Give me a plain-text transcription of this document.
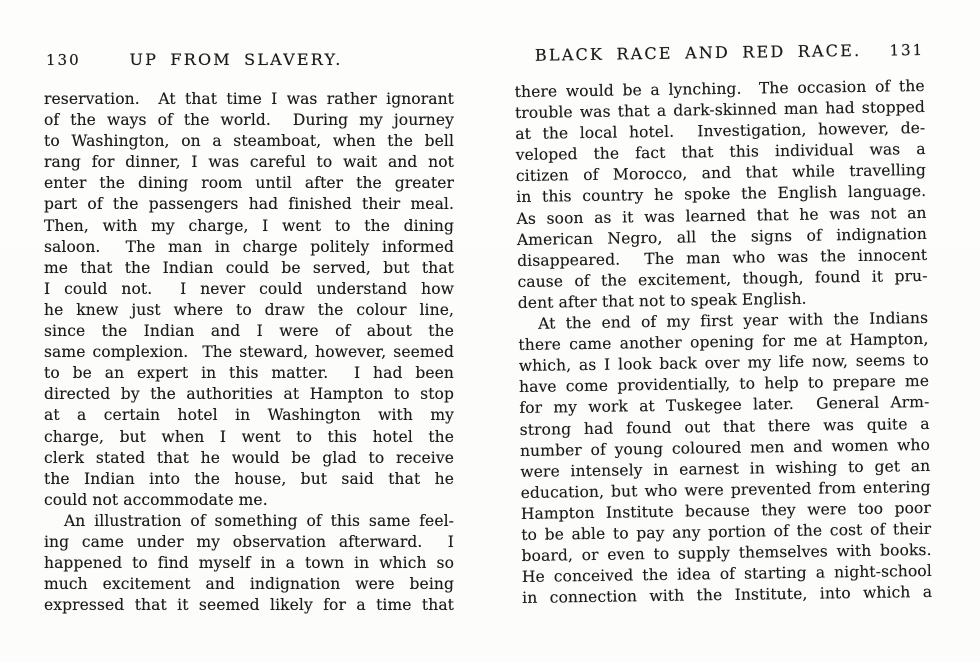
130	UP FROM SLAVERY.
reservation.  At that time I was rather ignorant
of the ways of the world.  During my journey
to Washington, on a steamboat, when the bell
rang for dinner, I was careful to wait and not
enter the dining room until after the greater
part of the passengers had finished their meal.
Then, with my charge, I went to the dining
saloon.  The man in charge politely informed
me that the Indian could be served, but that
I could not.  I never could understand how
he knew just where to draw the colour line,
since the Indian and I were of about the
same complexion.  The steward, however, seemed
to be an expert in this matter.  I had been
directed by the authorities at Hampton to stop
at a certain hotel in Washington with my
charge, but when I went to this hotel the
clerk stated that he would be glad to receive
the Indian into the house, but said that he
could not accommodate me.
An illustration of something of this same feel-
ing came under my observation afterward.  I
happened to find myself in a town in which so
much excitement and indignation were being
expressed that it seemed likely for a time that
BLACK RACE AND RED RACE. 131
there would be a lynching.  The occasion of the
trouble was that a dark-skinned man had stopped
at the local hotel.  Investigation, however, de-
veloped the fact that this individual was a
citizen of Morocco, and that while travelling
in this country he spoke the English language.
As soon as it was learned that he was not an
American Negro, all the signs of indignation
disappeared.  The man who was the innocent
cause of the excitement, though, found it pru-
dent after that not to speak English.
At the end of my first year with the Indians
there came another opening for me at Hampton,
which, as I look back over my life now, seems to
have come providentially, to help to prepare me
for my work at Tuskegee later.  General Arm-
strong had found out that there was quite a
number of young coloured men and women who
were intensely in earnest in wishing to get an
education, but who were prevented from entering
Hampton Institute because they were too poor
to be able to pay any portion of the cost of their
board, or even to supply themselves with books.
He conceived the idea of starting a night-school
in connection with the Institute, into which a
